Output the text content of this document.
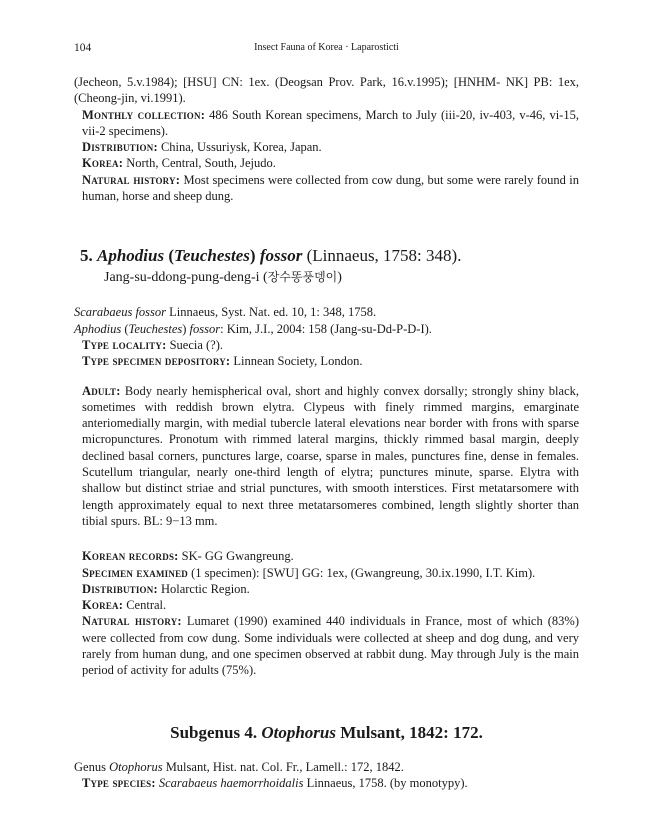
104	Insect Fauna of Korea · Laparosticti

(Jecheon, 5.v.1984); [HSU] CN: 1ex. (Deogsan Prov. Park, 16.v.1995); [HNHM- NK] PB: 1ex, (Cheong-jin, vi.1991).

Monthly collection: 486 South Korean specimens, March to July (iii-20, iv-403, v-46, vi-15, vii-2 specimens).

Distribution: China, Ussuriysk, Korea, Japan.

Korea: North, Central, South, Jejudo.

Natural history: Most specimens were collected from cow dung, but some were rarely found in human, horse and sheep dung.

5. Aphodius (Teuchestes) fossor (Linnaeus, 1758: 348).
Jang-su-ddong-pung-deng-i (장수똥풍뎅이)

Scarabaeus fossor Linnaeus, Syst. Nat. ed. 10, 1: 348, 1758.

Aphodius (Teuchestes) fossor: Kim, J.I., 2004: 158 (Jang-su-Dd-P-D-I).

Type locality: Suecia (?).

Type specimen depository: Linnean Society, London.

Adult: Body nearly hemispherical oval, short and highly convex dorsally; strongly shiny black, sometimes with reddish brown elytra. Clypeus with finely rimmed margins, emarginate anteriomedially margin, with medial tubercle lateral elevations near border with frons with sparse micropunctures. Pronotum with rimmed lateral margins, thickly rimmed basal margin, deeply declined basal corners, punctures large, coarse, sparse in males, punctures fine, dense in females. Scutellum triangular, nearly one-third length of elytra; punctures minute, sparse. Elytra with shallow but distinct striae and strial punctures, with smooth interstices. First metatarsomere with length approximately equal to next three metatarsomeres combined, length slightly shorter than tibial spurs. BL: 9−13 mm.

Korean records: SK- GG Gwangreung.

Specimen examined (1 specimen): [SWU] GG: 1ex, (Gwangreung, 30.ix.1990, I.T. Kim).

Distribution: Holarctic Region.

Korea: Central.

Natural history: Lumaret (1990) examined 440 individuals in France, most of which (83%) were collected from cow dung. Some individuals were collected at sheep and dog dung, and very rarely from human dung, and one specimen observed at rabbit dung. May through July is the main period of activity for adults (75%).

Subgenus 4. Otophorus Mulsant, 1842: 172.

Genus Otophorus Mulsant, Hist. nat. Col. Fr., Lamell.: 172, 1842.

Type species: Scarabaeus haemorrhoidalis Linnaeus, 1758. (by monotypy).
